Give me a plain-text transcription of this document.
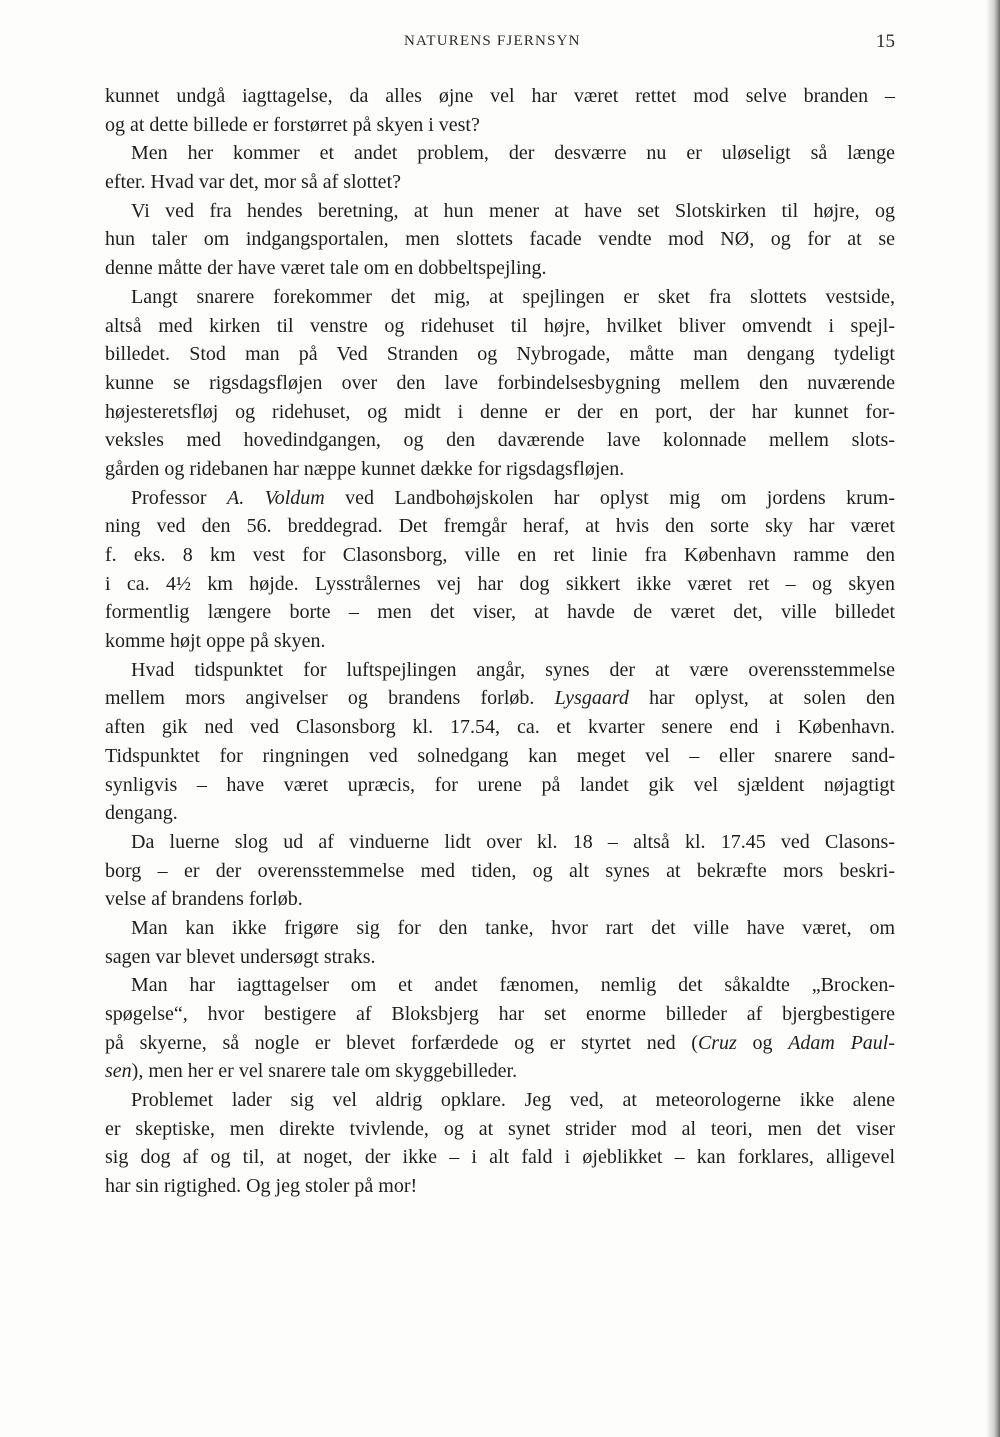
NATURENS FJERNSYN	15
kunnet undgå iagttagelse, da alles øjne vel har været rettet mod selve branden –
og at dette billede er forstørret på skyen i vest?
Men her kommer et andet problem, der desværre nu er uløseligt så længe
efter. Hvad var det, mor så af slottet?
Vi ved fra hendes beretning, at hun mener at have set Slotskirken til højre, og
hun taler om indgangsportalen, men slottets facade vendte mod NØ, og for at se
denne måtte der have været tale om en dobbeltspejling.
Langt snarere forekommer det mig, at spejlingen er sket fra slottets vestside,
altså med kirken til venstre og ridehuset til højre, hvilket bliver omvendt i spejl-
billedet. Stod man på Ved Stranden og Nybrogade, måtte man dengang tydeligt
kunne se rigsdagsfløjen over den lave forbindelsesbygning mellem den nuværende
højesteretsfløj og ridehuset, og midt i denne er der en port, der har kunnet for-
veksles med hovedindgangen, og den daværende lave kolonnade mellem slots-
gården og ridebanen har næppe kunnet dække for rigsdagsfløjen.
Professor A. Voldum ved Landbohøjskolen har oplyst mig om jordens krum-
ning ved den 56. breddegrad. Det fremgår heraf, at hvis den sorte sky har været
f. eks. 8 km vest for Clasonsborg, ville en ret linie fra København ramme den
i ca. 4½ km højde. Lysstrålernes vej har dog sikkert ikke været ret – og skyen
formentlig længere borte – men det viser, at havde de været det, ville billedet
komme højt oppe på skyen.
Hvad tidspunktet for luftspejlingen angår, synes der at være overensstemmelse
mellem mors angivelser og brandens forløb. Lysgaard har oplyst, at solen den
aften gik ned ved Clasonsborg kl. 17.54, ca. et kvarter senere end i København.
Tidspunktet for ringningen ved solnedgang kan meget vel – eller snarere sand-
synligvis – have været upræcis, for urene på landet gik vel sjældent nøjagtigt
dengang.
Da luerne slog ud af vinduerne lidt over kl. 18 – altså kl. 17.45 ved Clasons-
borg – er der overensstemmelse med tiden, og alt synes at bekræfte mors beskri-
velse af brandens forløb.
Man kan ikke frigøre sig for den tanke, hvor rart det ville have været, om
sagen var blevet undersøgt straks.
Man har iagttagelser om et andet fænomen, nemlig det såkaldte „Brocken-
spøgelse“, hvor bestigere af Bloksbjerg har set enorme billeder af bjergbestigere
på skyerne, så nogle er blevet forfærdede og er styrtet ned (Cruz og Adam Paul-
sen), men her er vel snarere tale om skyggebilleder.
Problemet lader sig vel aldrig opklare. Jeg ved, at meteorologerne ikke alene
er skeptiske, men direkte tvivlende, og at synet strider mod al teori, men det viser
sig dog af og til, at noget, der ikke – i alt fald i øjeblikket – kan forklares, alligevel
har sin rigtighed. Og jeg stoler på mor!
